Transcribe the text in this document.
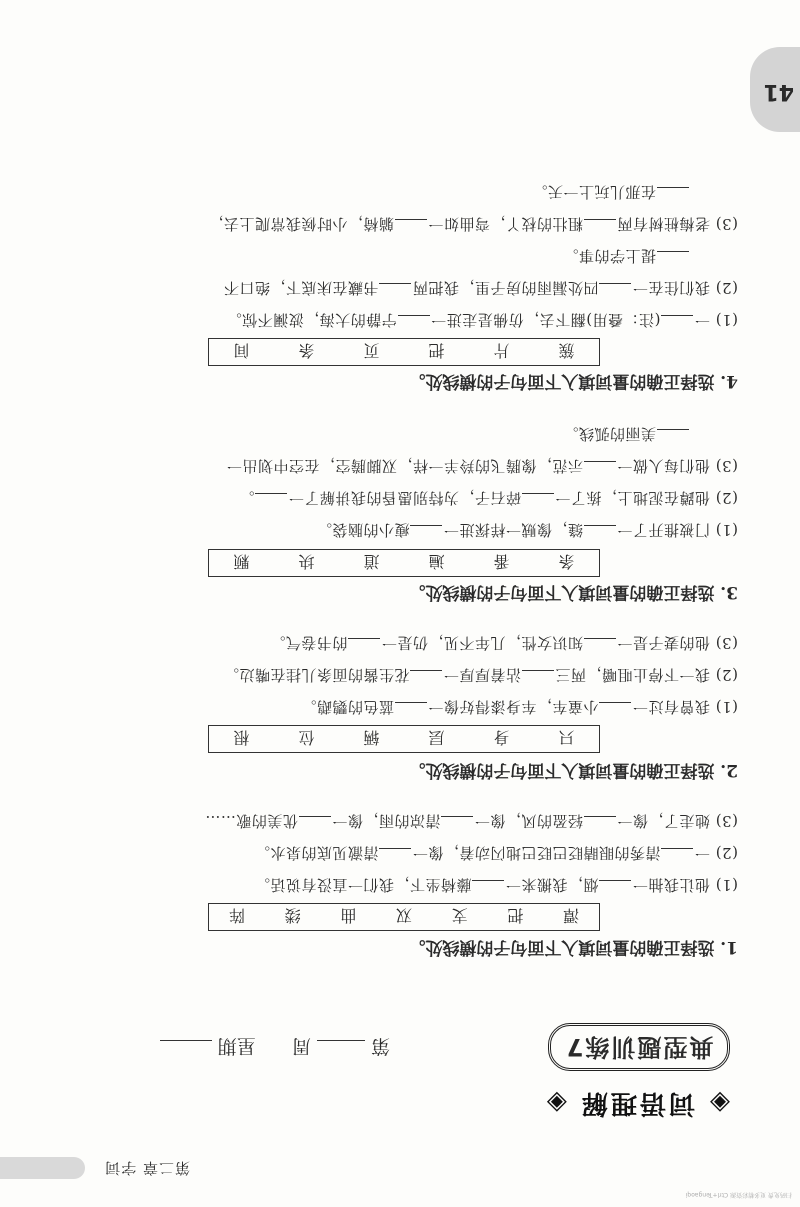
第二章 字词
41
◈ 词语理解 ◈
典型题训练7
第  周  星期
1. 选择正确的量词填入下面句子的横线处。
潭
把
支
双
曲
缕
阵
(1) 他让我抽一烟，我搬来一藤椅坐下，我们一直没有说话。
(2) 一清秀的眼睛眨巴眨巴地闪动着，像一清澈见底的泉水。
(3) 她走了，像一轻盈的风，像一清凉的雨，像一优美的歌……
2. 选择正确的量词填入下面句子的横线处。
只
身
层
辆
位
根
(1) 我曾有过一小童车，车身漆得好像一蓝色的鹦鹉。
(2) 我一下停止咀嚼，两三沾着厚厚一花生酱的面条儿挂在嘴边。
(3) 他的妻子是一知识女性，几年不见，仍是一的书卷气。
3. 选择正确的量词填入下面句子的横线处。
条
番
遍
道
块
颗
(1) 门被推开了一缝，像贼一样探进一瘦小的脑袋。
(2) 他蹲在泥地上，拣了一碎石子，为特别愚昏的我讲解了一。
(3) 他们每人做一示范，像腾飞的羚羊一样，双脚腾空，在空中划出一
美丽的弧线。
4. 选择正确的量词填入下面句子的横线处。
簇
片
把
页
条
间
(1) 一(注：叠用)翻下去，仿佛是走进一宁静的大海，波澜不惊。
(2) 我们住在一四处漏雨的房子里，我把两书藏在床底下，绝口不
提上学的事。
(3) 老梅桩树有两粗壮的枝丫，弯曲如一躺椅，小时候我常爬上去，
在那儿玩上一天。
扫码免费 更多精彩资源 Ctrl+Tengaoqi
